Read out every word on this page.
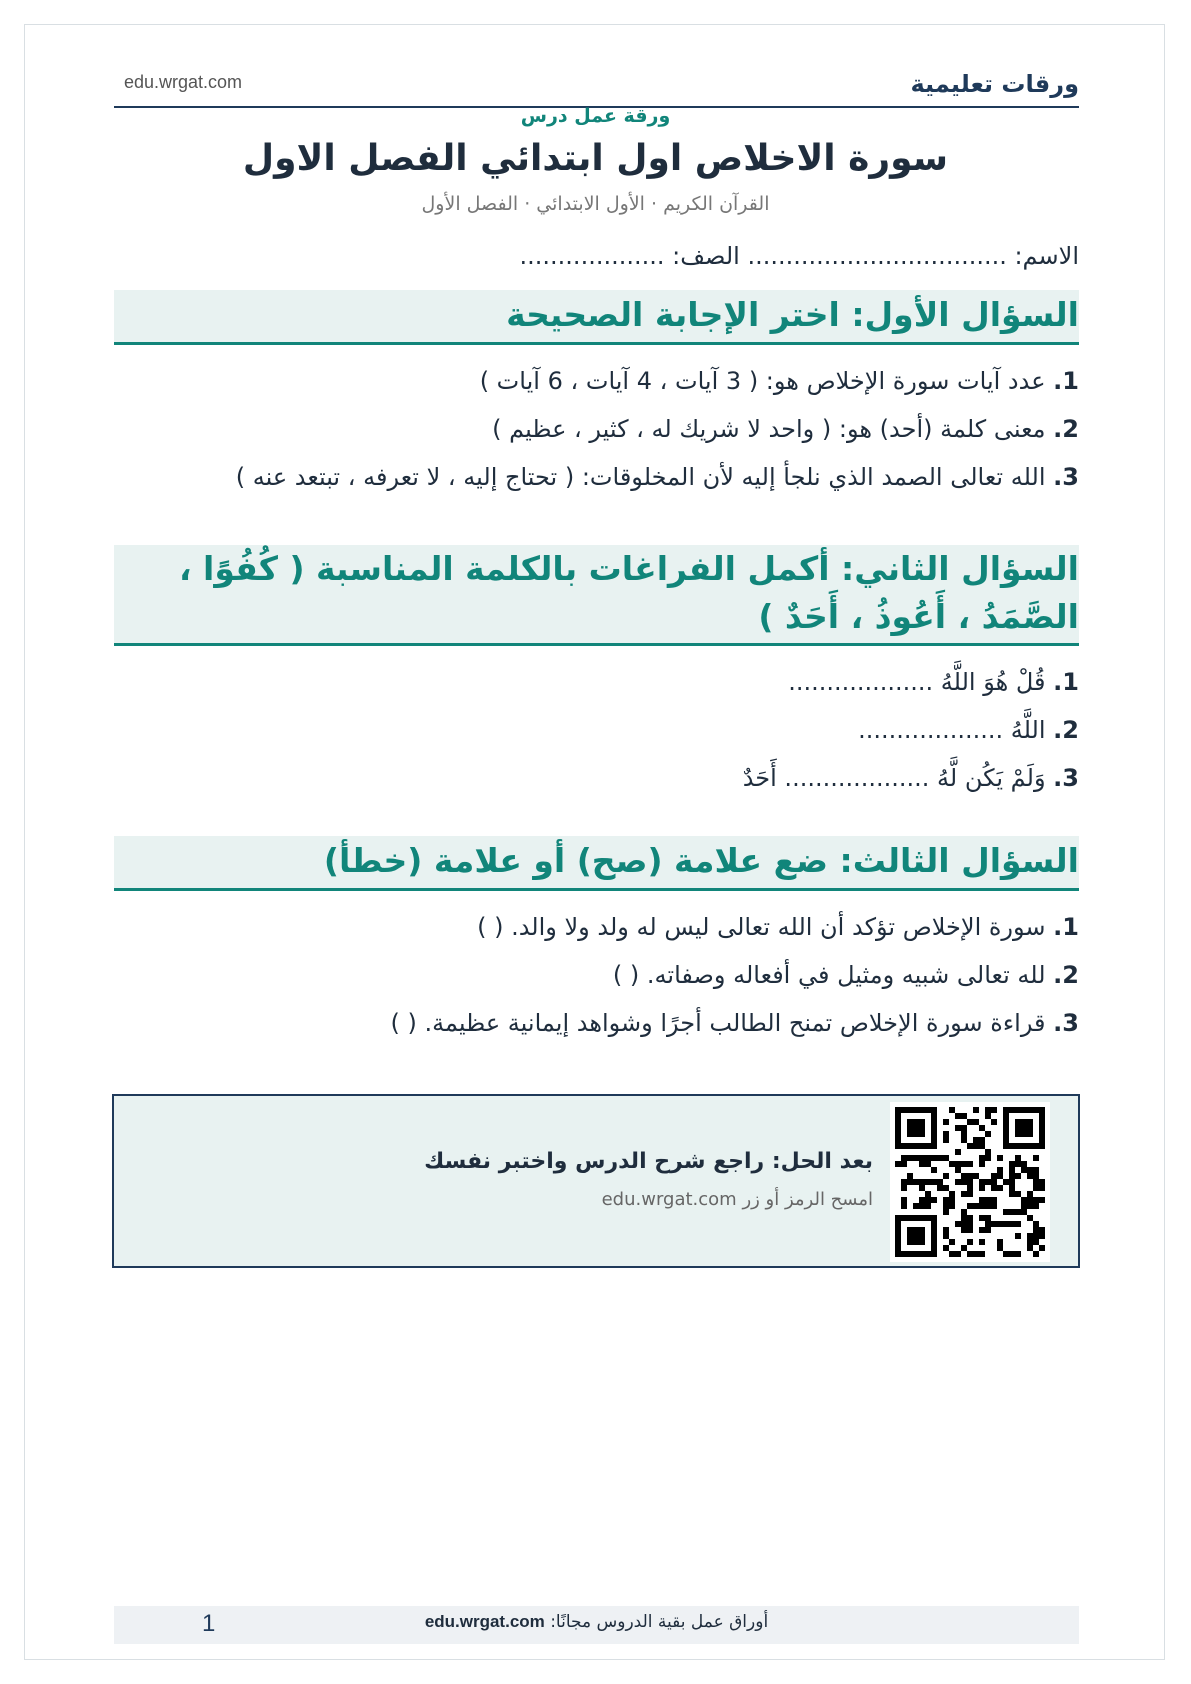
ورقات تعليمية
edu.wrgat.com
ورقة عمل درس
سورة الاخلاص اول ابتدائي الفصل الاول
القرآن الكريم · الأول الابتدائي · الفصل الأول
الاسم: .................................. الصف: ...................
السؤال الأول: اختر الإجابة الصحيحة
1. عدد آيات سورة الإخلاص هو: ( 3 آيات ، 4 آيات ، 6 آيات )
2. معنى كلمة (أحد) هو: ( واحد لا شريك له ، كثير ، عظيم )
3. الله تعالى الصمد الذي نلجأ إليه لأن المخلوقات: ( تحتاج إليه ، لا تعرفه ، تبتعد عنه )
السؤال الثاني: أكمل الفراغات بالكلمة المناسبة ( كُفُوًا ، الصَّمَدُ ، أَعُوذُ ، أَحَدٌ )
1. قُلْ هُوَ اللَّهُ ...................
2. اللَّهُ ...................
3. وَلَمْ يَكُن لَّهُ ................... أَحَدٌ
السؤال الثالث: ضع علامة (صح) أو علامة (خطأ)
1. سورة الإخلاص تؤكد أن الله تعالى ليس له ولد ولا والد. ( )
2. لله تعالى شبيه ومثيل في أفعاله وصفاته. ( )
3. قراءة سورة الإخلاص تمنح الطالب أجرًا وشواهد إيمانية عظيمة. ( )
بعد الحل: راجع شرح الدرس واختبر نفسك
امسح الرمز أو زر edu.wrgat.com
1	أوراق عمل بقية الدروس مجانًا: edu.wrgat.com
